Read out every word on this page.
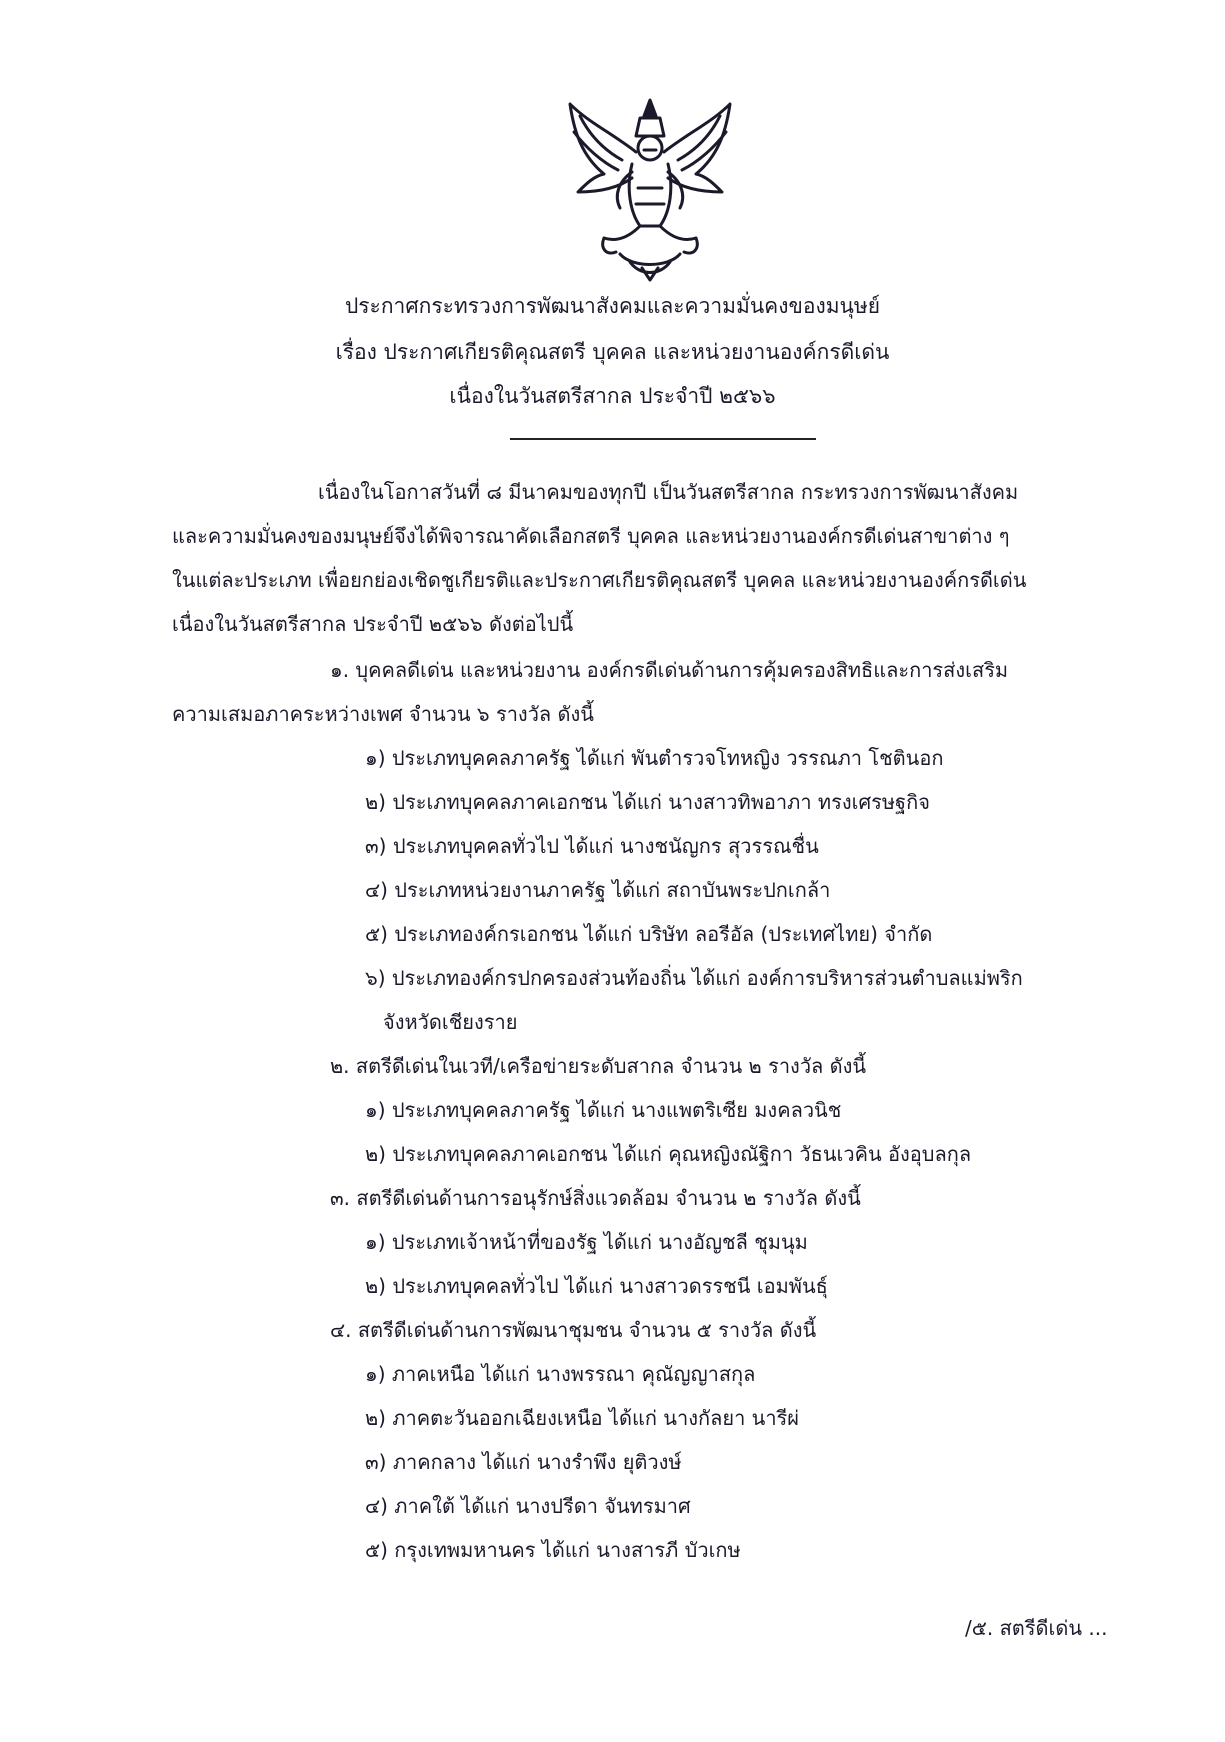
ประกาศกระทรวงการพัฒนาสังคมและความมั่นคงของมนุษย์
เรื่อง ประกาศเกียรติคุณสตรี บุคคล และหน่วยงานองค์กรดีเด่น
เนื่องในวันสตรีสากล ประจำปี ๒๕๖๖
เนื่องในโอกาสวันที่ ๘ มีนาคมของทุกปี เป็นวันสตรีสากล กระทรวงการพัฒนาสังคม
และความมั่นคงของมนุษย์จึงได้พิจารณาคัดเลือกสตรี บุคคล และหน่วยงานองค์กรดีเด่นสาขาต่าง ๆ
ในแต่ละประเภท เพื่อยกย่องเชิดชูเกียรติและประกาศเกียรติคุณสตรี บุคคล และหน่วยงานองค์กรดีเด่น
เนื่องในวันสตรีสากล ประจำปี ๒๕๖๖ ดังต่อไปนี้
๑. บุคคลดีเด่น และหน่วยงาน องค์กรดีเด่นด้านการคุ้มครองสิทธิและการส่งเสริม
ความเสมอภาคระหว่างเพศ จำนวน ๖ รางวัล ดังนี้
๑) ประเภทบุคคลภาครัฐ ได้แก่ พันตำรวจโทหญิง วรรณภา โชตินอก
๒) ประเภทบุคคลภาคเอกชน ได้แก่ นางสาวทิพอาภา ทรงเศรษฐกิจ
๓) ประเภทบุคคลทั่วไป ได้แก่ นางชนัญกร สุวรรณชื่น
๔) ประเภทหน่วยงานภาครัฐ ได้แก่ สถาบันพระปกเกล้า
๕) ประเภทองค์กรเอกชน ได้แก่ บริษัท ลอรีอัล (ประเทศไทย) จำกัด
๖) ประเภทองค์กรปกครองส่วนท้องถิ่น ได้แก่ องค์การบริหารส่วนตำบลแม่พริก
จังหวัดเชียงราย
๒. สตรีดีเด่นในเวที/เครือข่ายระดับสากล จำนวน ๒ รางวัล ดังนี้
๑) ประเภทบุคคลภาครัฐ ได้แก่ นางแพตริเซีย มงคลวนิช
๒) ประเภทบุคคลภาคเอกชน ได้แก่ คุณหญิงณัฐิกา วัธนเวคิน อังอุบลกุล
๓. สตรีดีเด่นด้านการอนุรักษ์สิ่งแวดล้อม จำนวน ๒ รางวัล ดังนี้
๑) ประเภทเจ้าหน้าที่ของรัฐ ได้แก่ นางอัญชลี ชุมนุม
๒) ประเภทบุคคลทั่วไป ได้แก่ นางสาวดรรชนี เอมพันธุ์
๔. สตรีดีเด่นด้านการพัฒนาชุมชน จำนวน ๕ รางวัล ดังนี้
๑) ภาคเหนือ ได้แก่ นางพรรณา คุณัญญาสกุล
๒) ภาคตะวันออกเฉียงเหนือ ได้แก่ นางกัลยา นารีผ่
๓) ภาคกลาง ได้แก่ นางรำพึง ยุติวงษ์
๔) ภาคใต้ ได้แก่ นางปรีดา จันทรมาศ
๕) กรุงเทพมหานคร ได้แก่ นางสารภี บัวเกษ
/๕. สตรีดีเด่น ...
